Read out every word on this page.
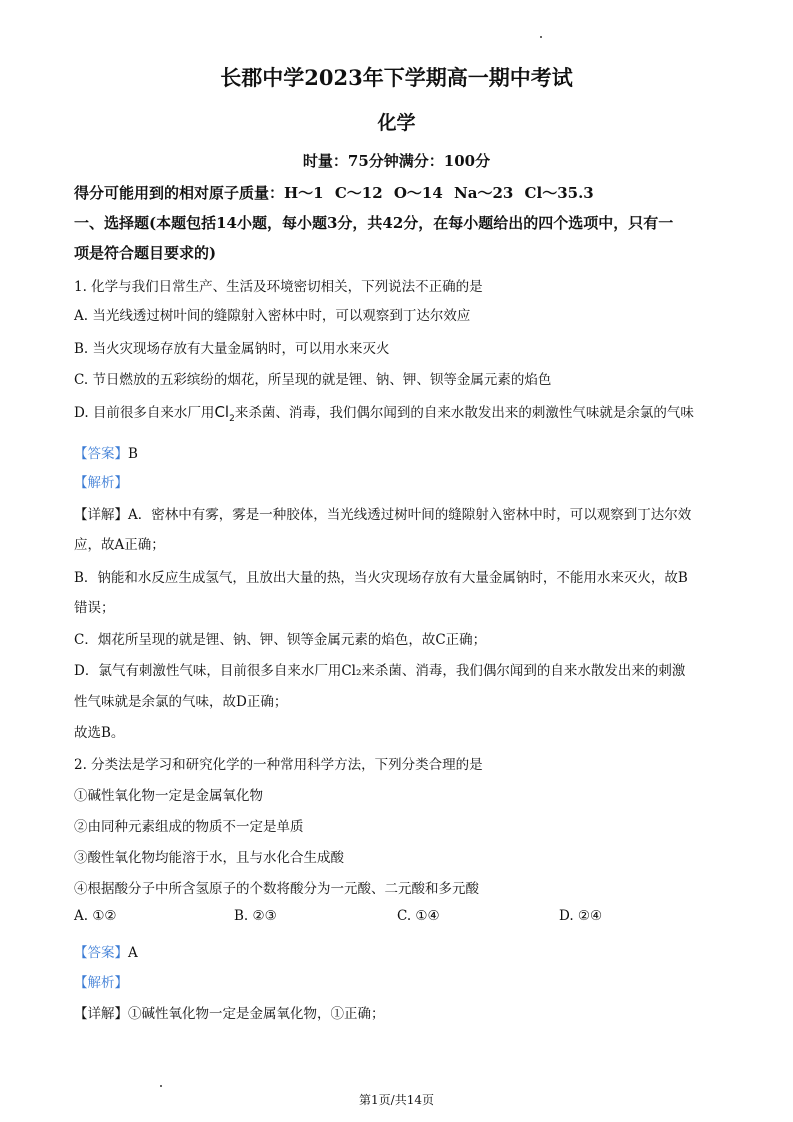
长郡中学2023年下学期高一期中考试
化学
时量：75分钟满分：100分
得分可能用到的相对原子质量：H～1 C～12 O～14 Na～23 Cl～35.3
一、选择题(本题包括14小题，每小题3分，共42分，在每小题给出的四个选项中，只有一
项是符合题目要求的)
1. 化学与我们日常生产、生活及环境密切相关，下列说法不正确的是
A. 当光线透过树叶间的缝隙射入密林中时，可以观察到丁达尔效应
B. 当火灾现场存放有大量金属钠时，可以用水来灭火
C. 节日燃放的五彩缤纷的烟花，所呈现的就是锂、钠、钾、钡等金属元素的焰色
D. 目前很多自来水厂用$Cl_2$来杀菌、消毒，我们偶尔闻到的自来水散发出来的刺激性气味就是余氯的气味
【答案】B
【解析】
【详解】A．密林中有雾，雾是一种胶体，当光线透过树叶间的缝隙射入密林中时，可以观察到丁达尔效
应，故A正确；
B．钠能和水反应生成氢气，且放出大量的热，当火灾现场存放有大量金属钠时，不能用水来灭火，故B
错误；
C．烟花所呈现的就是锂、钠、钾、钡等金属元素的焰色，故C正确；
D．氯气有刺激性气味，目前很多自来水厂用Cl₂来杀菌、消毒，我们偶尔闻到的自来水散发出来的刺激
性气味就是余氯的气味，故D正确；
故选B。
2. 分类法是学习和研究化学的一种常用科学方法，下列分类合理的是
①碱性氧化物一定是金属氧化物
②由同种元素组成的物质不一定是单质
③酸性氧化物均能溶于水，且与水化合生成酸
④根据酸分子中所含氢原子的个数将酸分为一元酸、二元酸和多元酸
A. ①②	B. ②③	C. ①④	D. ②④
【答案】A
【解析】
【详解】①碱性氧化物一定是金属氧化物，①正确；
第1页/共14页
